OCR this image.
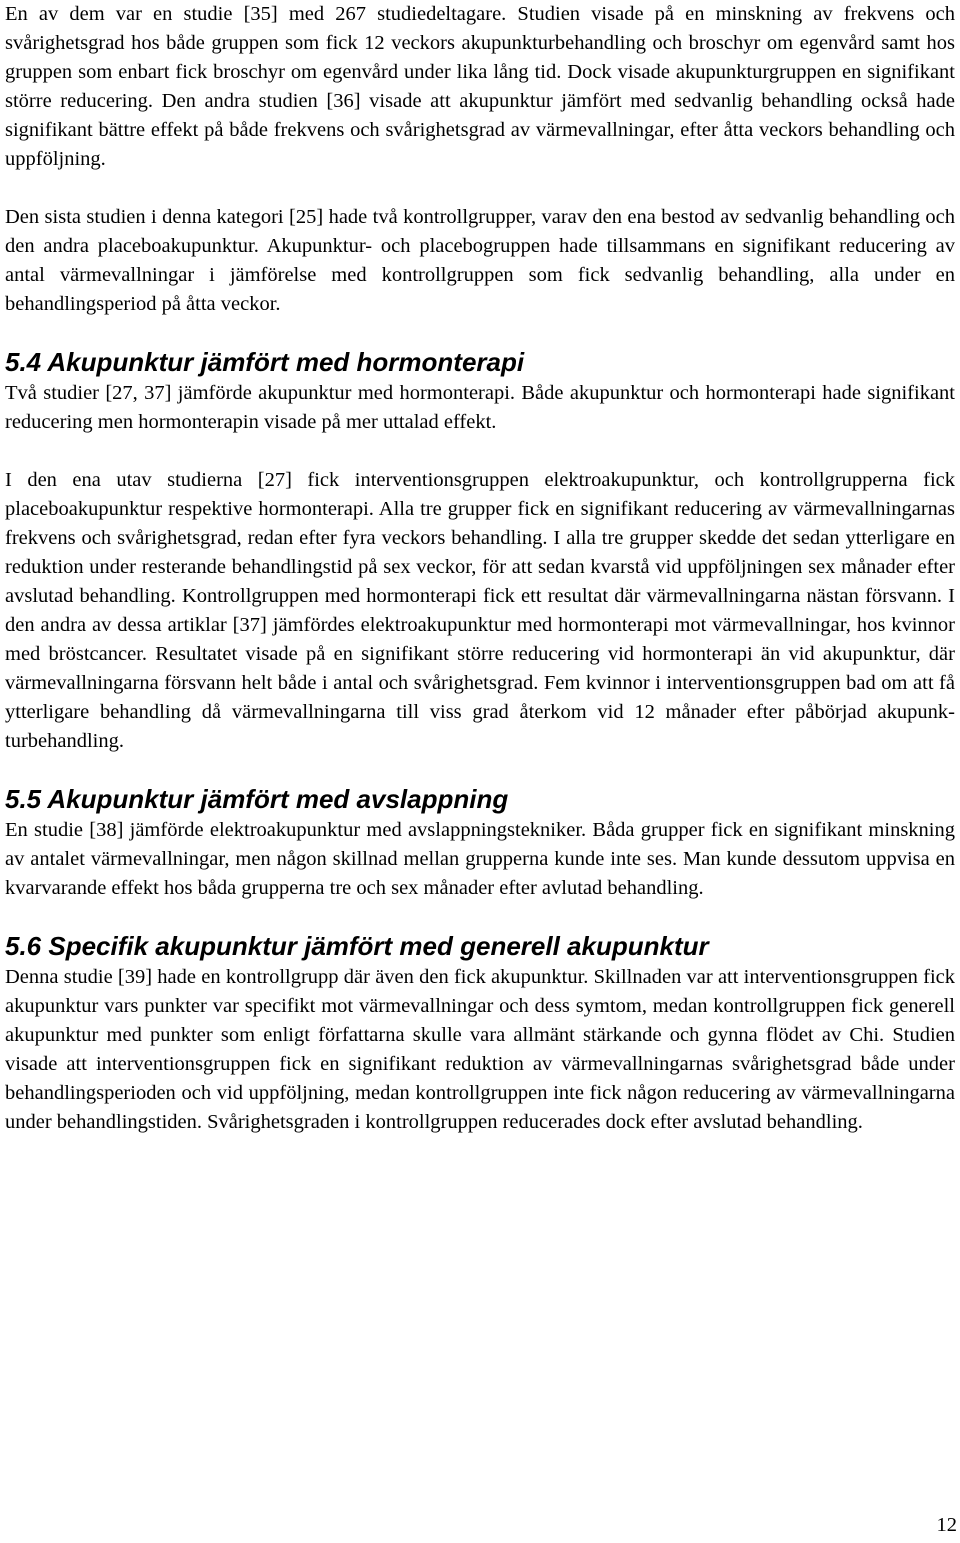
En av dem var en studie [35] med 267 studiedeltagare. Studien visade på en minskning av frekvens och svårighetsgrad hos både gruppen som fick 12 veckors akupunkturbehandling och broschyr om egenvård samt hos gruppen som enbart fick broschyr om egenvård under lika lång tid. Dock visade akupunkturgruppen en signifikant större reducering. Den andra studien [36] visade att akupunktur jämfört med sedvanlig behandling också hade signifikant bättre effekt på både frekvens och svårighetsgrad av värmevallningar, efter åtta veckors behandling och uppföljning.

Den sista studien i denna kategori [25] hade två kontrollgrupper, varav den ena bestod av sedvanlig behandling och den andra placeboakupunktur. Akupunktur- och placebogruppen hade tillsammans en signifikant reducering av antal värmevallningar i jämförelse med kontrollgruppen som fick sedvanlig behandling, alla under en behandlingsperiod på åtta veckor.

5.4 Akupunktur jämfört med hormonterapi

Två studier [27, 37] jämförde akupunktur med hormonterapi. Både akupunktur och hormonterapi hade signifikant reducering men hormonterapin visade på mer uttalad effekt.

I den ena utav studierna [27] fick interventionsgruppen elektroakupunktur, och kontrollgrupperna fick placeboakupunktur respektive hormonterapi. Alla tre grupper fick en signifikant reducering av värmevallningarnas frekvens och svårighetsgrad, redan efter fyra veckors behandling. I alla tre grupper skedde det sedan ytterligare en reduktion under resterande behandlingstid på sex veckor, för att sedan kvarstå vid uppföljningen sex månader efter avslutad behandling. Kontrollgruppen med hormonterapi fick ett resultat där värmevallningarna nästan försvann. I den andra av dessa artiklar [37] jämfördes elektroakupunktur med hormonterapi mot värmevallningar, hos kvinnor med bröstcancer. Resultatet visade på en signifikant större reducering vid hormonterapi än vid akupunktur, där värmevallningarna försvann helt både i antal och svårighetsgrad. Fem kvinnor i interventionsgruppen bad om att få ytterligare behandling då värmevallningarna till viss grad återkom vid 12 månader efter påbörjad akupunkturbehandling.

5.5 Akupunktur jämfört med avslappning

En studie [38] jämförde elektroakupunktur med avslappningstekniker. Båda grupper fick en signifikant minskning av antalet värmevallningar, men någon skillnad mellan grupperna kunde inte ses. Man kunde dessutom uppvisa en kvarvarande effekt hos båda grupperna tre och sex månader efter avlutad behandling.

5.6 Specifik akupunktur jämfört med generell akupunktur

Denna studie [39] hade en kontrollgrupp där även den fick akupunktur. Skillnaden var att interventionsgruppen fick akupunktur vars punkter var specifikt mot värmevallningar och dess symtom, medan kontrollgruppen fick generell akupunktur med punkter som enligt författarna skulle vara allmänt stärkande och gynna flödet av Chi. Studien visade att interventionsgruppen fick en signifikant reduktion av värmevallningarnas svårighetsgrad både under behandlingsperioden och vid uppföljning, medan kontrollgruppen inte fick någon reducering av värmevallningarna under behandlingstiden. Svårighetsgraden i kontrollgruppen reducerades dock efter avslutad behandling.

12
